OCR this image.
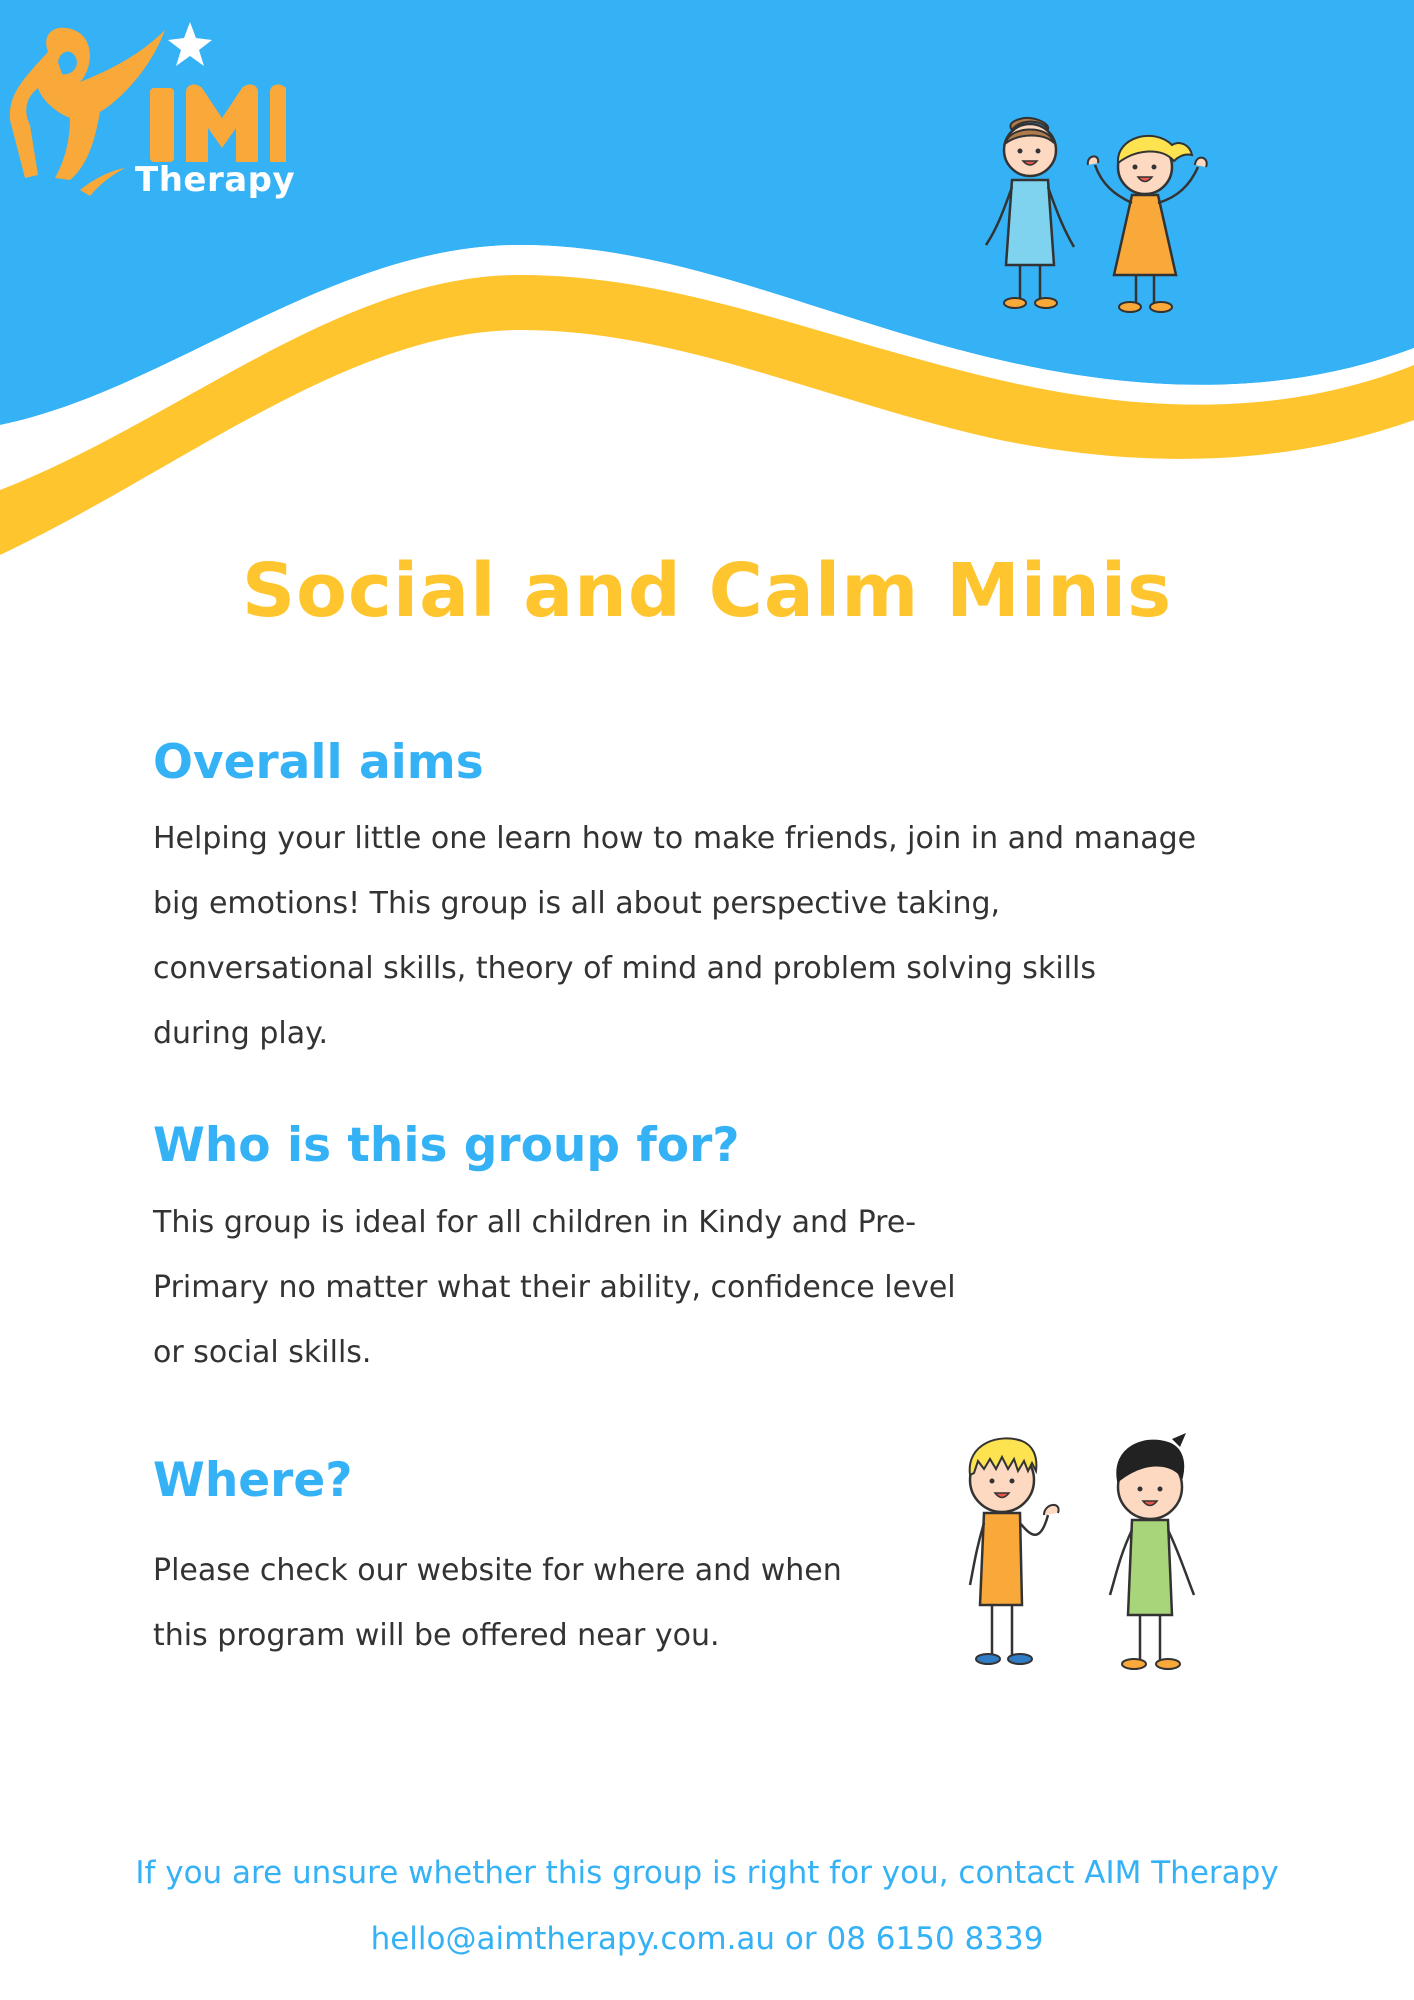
Therapy
Social and Calm Minis
Overall aims
Helping your little one learn how to make friends, join in and manage
big emotions! This group is all about perspective taking,
conversational skills, theory of mind and problem solving skills
during play.
Who is this group for?
This group is ideal for all children in Kindy and Pre-
Primary no matter what their ability, confidence level
or social skills.
Where?
Please check our website for where and when
this program will be offered near you.

If you are unsure whether this group is right for you, contact AIM Therapy

hello@aimtherapy.com.au or 08 6150 8339
